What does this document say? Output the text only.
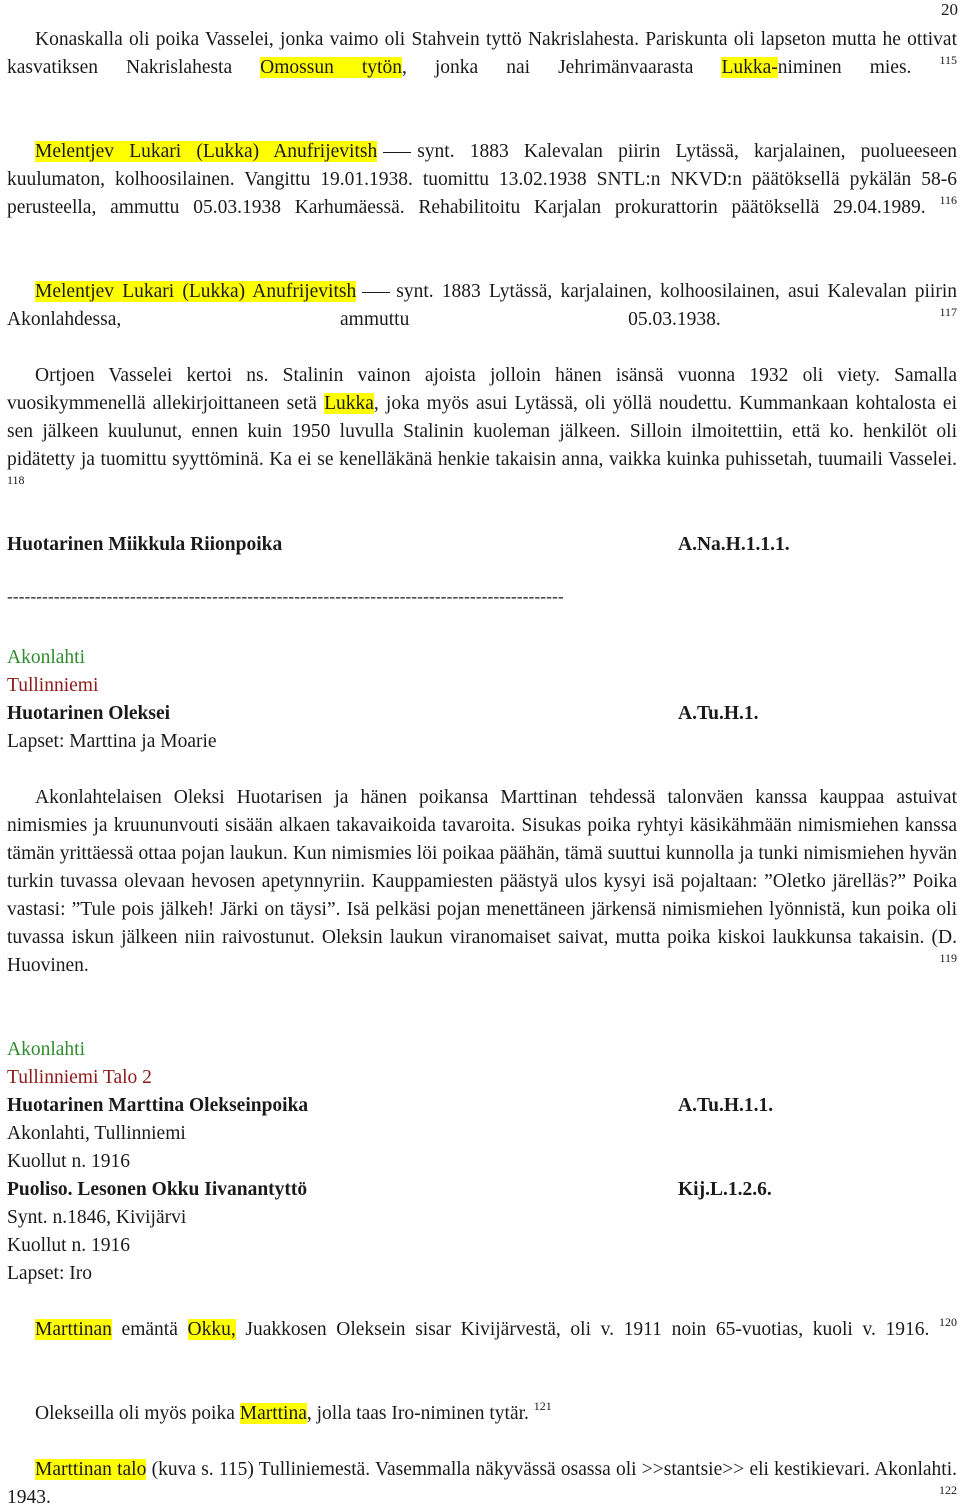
20

Konaskalla oli poika Vasselei, jonka vaimo oli Stahvein tyttö Nakrislahesta. Pariskunta oli lapseton mutta he ottivat kasvatiksen Nakrislahesta Omossun tytön, jonka nai Jehrimänvaarasta Lukka-niminen mies. $^{115}$

Melentjev Lukari (Lukka) Anufrijevitsh synt. 1883 Kalevalan piirin Lytässä, karjalainen, puolueeseen kuulumaton, kolhoosilainen. Vangittu 19.01.1938. tuomittu 13.02.1938 SNTL:n NKVD:n päätöksellä pykälän 58-6 perusteella, ammuttu 05.03.1938 Karhumäessä. Rehabilitoitu Karjalan prokurattorin päätöksellä 29.04.1989. $^{116}$

Melentjev Lukari (Lukka) Anufrijevitsh synt. 1883 Lytässä, karjalainen, kolhoosilainen, asui Kalevalan piirin Akonlahdessa, ammuttu 05.03.1938. $^{117}$

Ortjoen Vasselei kertoi ns. Stalinin vainon ajoista jolloin hänen isänsä vuonna 1932 oli viety. Samalla vuosikymmenellä allekirjoittaneen setä Lukka, joka myös asui Lytässä, oli yöllä noudettu. Kummankaan kohtalosta ei sen jälkeen kuulunut, ennen kuin 1950 luvulla Stalinin kuoleman jälkeen. Silloin ilmoitettiin, että ko. henkilöt oli pidätetty ja tuomittu syyttöminä. Ka ei se kenelläkänä henkie takaisin anna, vaikka kuinka puhissetah, tuumaili Vasselei. $^{118}$

Huotarinen Miikkula Riionpoika	A.Na.H.1.1.1.
-----------------------------------------------------------------------------------------------
Akonlahti
Tullinniemi
Huotarinen Oleksei	A.Tu.H.1.
Lapset: Marttina ja Moarie

Akonlahtelaisen Oleksi Huotarisen ja hänen poikansa Marttinan tehdessä talonväen kanssa kauppaa astuivat nimismies ja kruununvouti sisään alkaen takavaikoida tavaroita. Sisukas poika ryhtyi käsikähmään nimismiehen kanssa tämän yrittäessä ottaa pojan laukun. Kun nimismies löi poikaa päähän, tämä suuttui kunnolla ja tunki nimismiehen hyvän turkin tuvassa olevaan hevosen apetynnyriin. Kauppamiesten päästyä ulos kysyi isä pojaltaan: ”Oletko järelläs?” Poika vastasi: ”Tule pois jälkeh! Järki on täysi”. Isä pelkäsi pojan menettäneen järkensä nimismiehen lyönnistä, kun poika oli tuvassa iskun jälkeen niin raivostunut. Oleksin laukun viranomaiset saivat, mutta poika kiskoi laukkunsa takaisin. (D. Huovinen. $^{119}$

Akonlahti
Tullinniemi Talo 2
Huotarinen Marttina Olekseinpoika	A.Tu.H.1.1.
Akonlahti, Tullinniemi
Kuollut n. 1916
Puoliso. Lesonen Okku Iivanantyttö	Kij.L.1.2.6.
Synt. n.1846, Kivijärvi
Kuollut n. 1916
Lapset: Iro

Marttinan emäntä Okku, Juakkosen Oleksein sisar Kivijärvestä, oli v. 1911 noin 65-vuotias, kuoli v. 1916. $^{120}$

Olekseilla oli myös poika Marttina, jolla taas Iro-niminen tytär. $^{121}$

Marttinan talo (kuva s. 115) Tulliniemestä. Vasemmalla näkyvässä osassa oli >>stantsie>> eli kestikievari. Akonlahti. 1943. $^{122}$
